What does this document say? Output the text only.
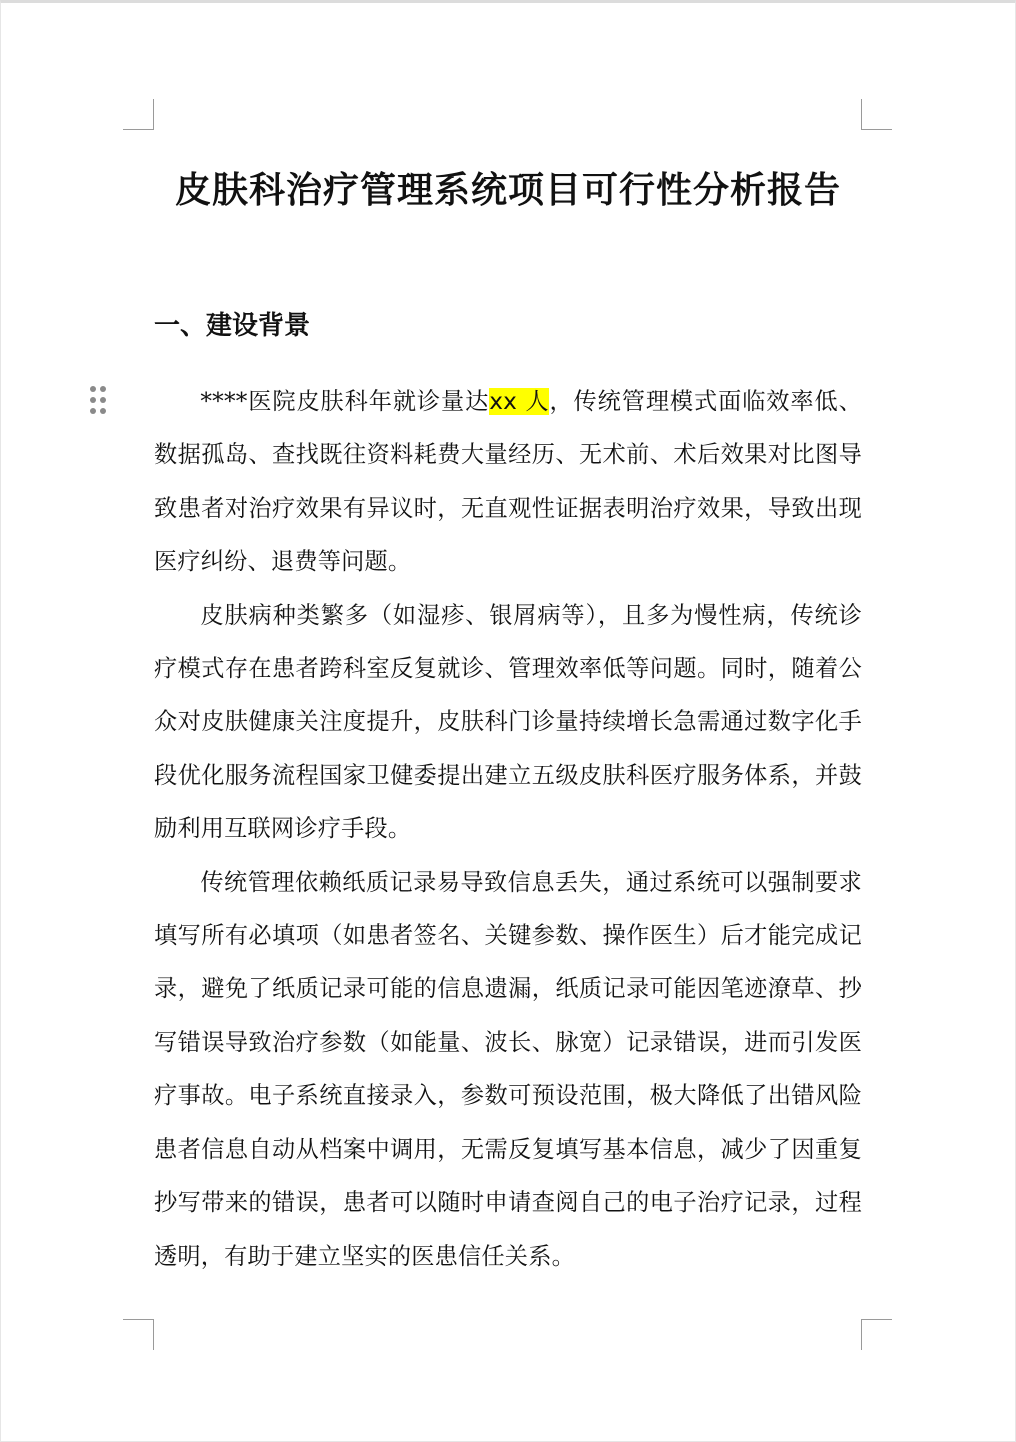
皮肤科治疗管理系统项目可行性分析报告
一、建设背景

****医院皮肤科年就诊量达xx 人，传统管理模式面临效率低、数据孤岛、查找既往资料耗费大量经历、无术前、术后效果对比图导致患者对治疗效果有异议时，无直观性证据表明治疗效果，导致出现医疗纠纷、退费等问题。

皮肤病种类繁多（如湿疹、银屑病等），且多为慢性病，传统诊疗模式存在患者跨科室反复就诊、管理效率低等问题。同时，随着公众对皮肤健康关注度提升，皮肤科门诊量持续增长急需通过数字化手段优化服务流程国家卫健委提出建立五级皮肤科医疗服务体系，并鼓励利用互联网诊疗手段。

传统管理依赖纸质记录易导致信息丢失，通过系统可以强制要求填写所有必填项（如患者签名、关键参数、操作医生）后才能完成记录，避免了纸质记录可能的信息遗漏，纸质记录可能因笔迹潦草、抄写错误导致治疗参数（如能量、波长、脉宽）记录错误，进而引发医疗事故。电子系统直接录入，参数可预设范围，极大降低了出错风险患者信息自动从档案中调用，无需反复填写基本信息，减少了因重复抄写带来的错误，患者可以随时申请查阅自己的电子治疗记录，过程透明，有助于建立坚实的医患信任关系。
